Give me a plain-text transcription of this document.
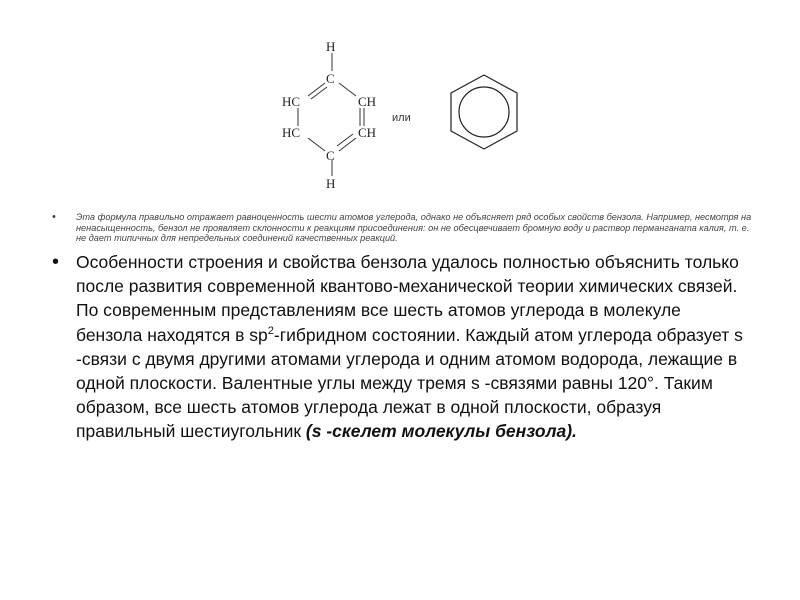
H
C
HC	CH
HC	CH
C
H
или
•	Эта формула правильно отражает равноценность шести атомов углерода, однако не объясняет ряд особых свойств бензола. Например, несмотря на ненасыщенность, бензол не проявляет склонности к реакциям присоединения: он не обесцвечивает бромную воду и раствор перманганата калия, т. е. не дает типичных для непредельных соединений качественных реакций.
• Особенности строения и свойства бензола удалось полностью объяснить только после развития современной квантово-механической теории химических связей. По современным представлениям все шесть атомов углерода в молекуле бензола находятся в $sp^2$-гибридном состоянии. Каждый атом углерода образует s -связи с двумя другими атомами углерода и одним атомом водорода, лежащие в одной плоскости. Валентные углы между тремя s -связями равны 120°. Таким образом, все шесть атомов углерода лежат в одной плоскости, образуя правильный шестиугольник (s -скелет молекулы бензола).
